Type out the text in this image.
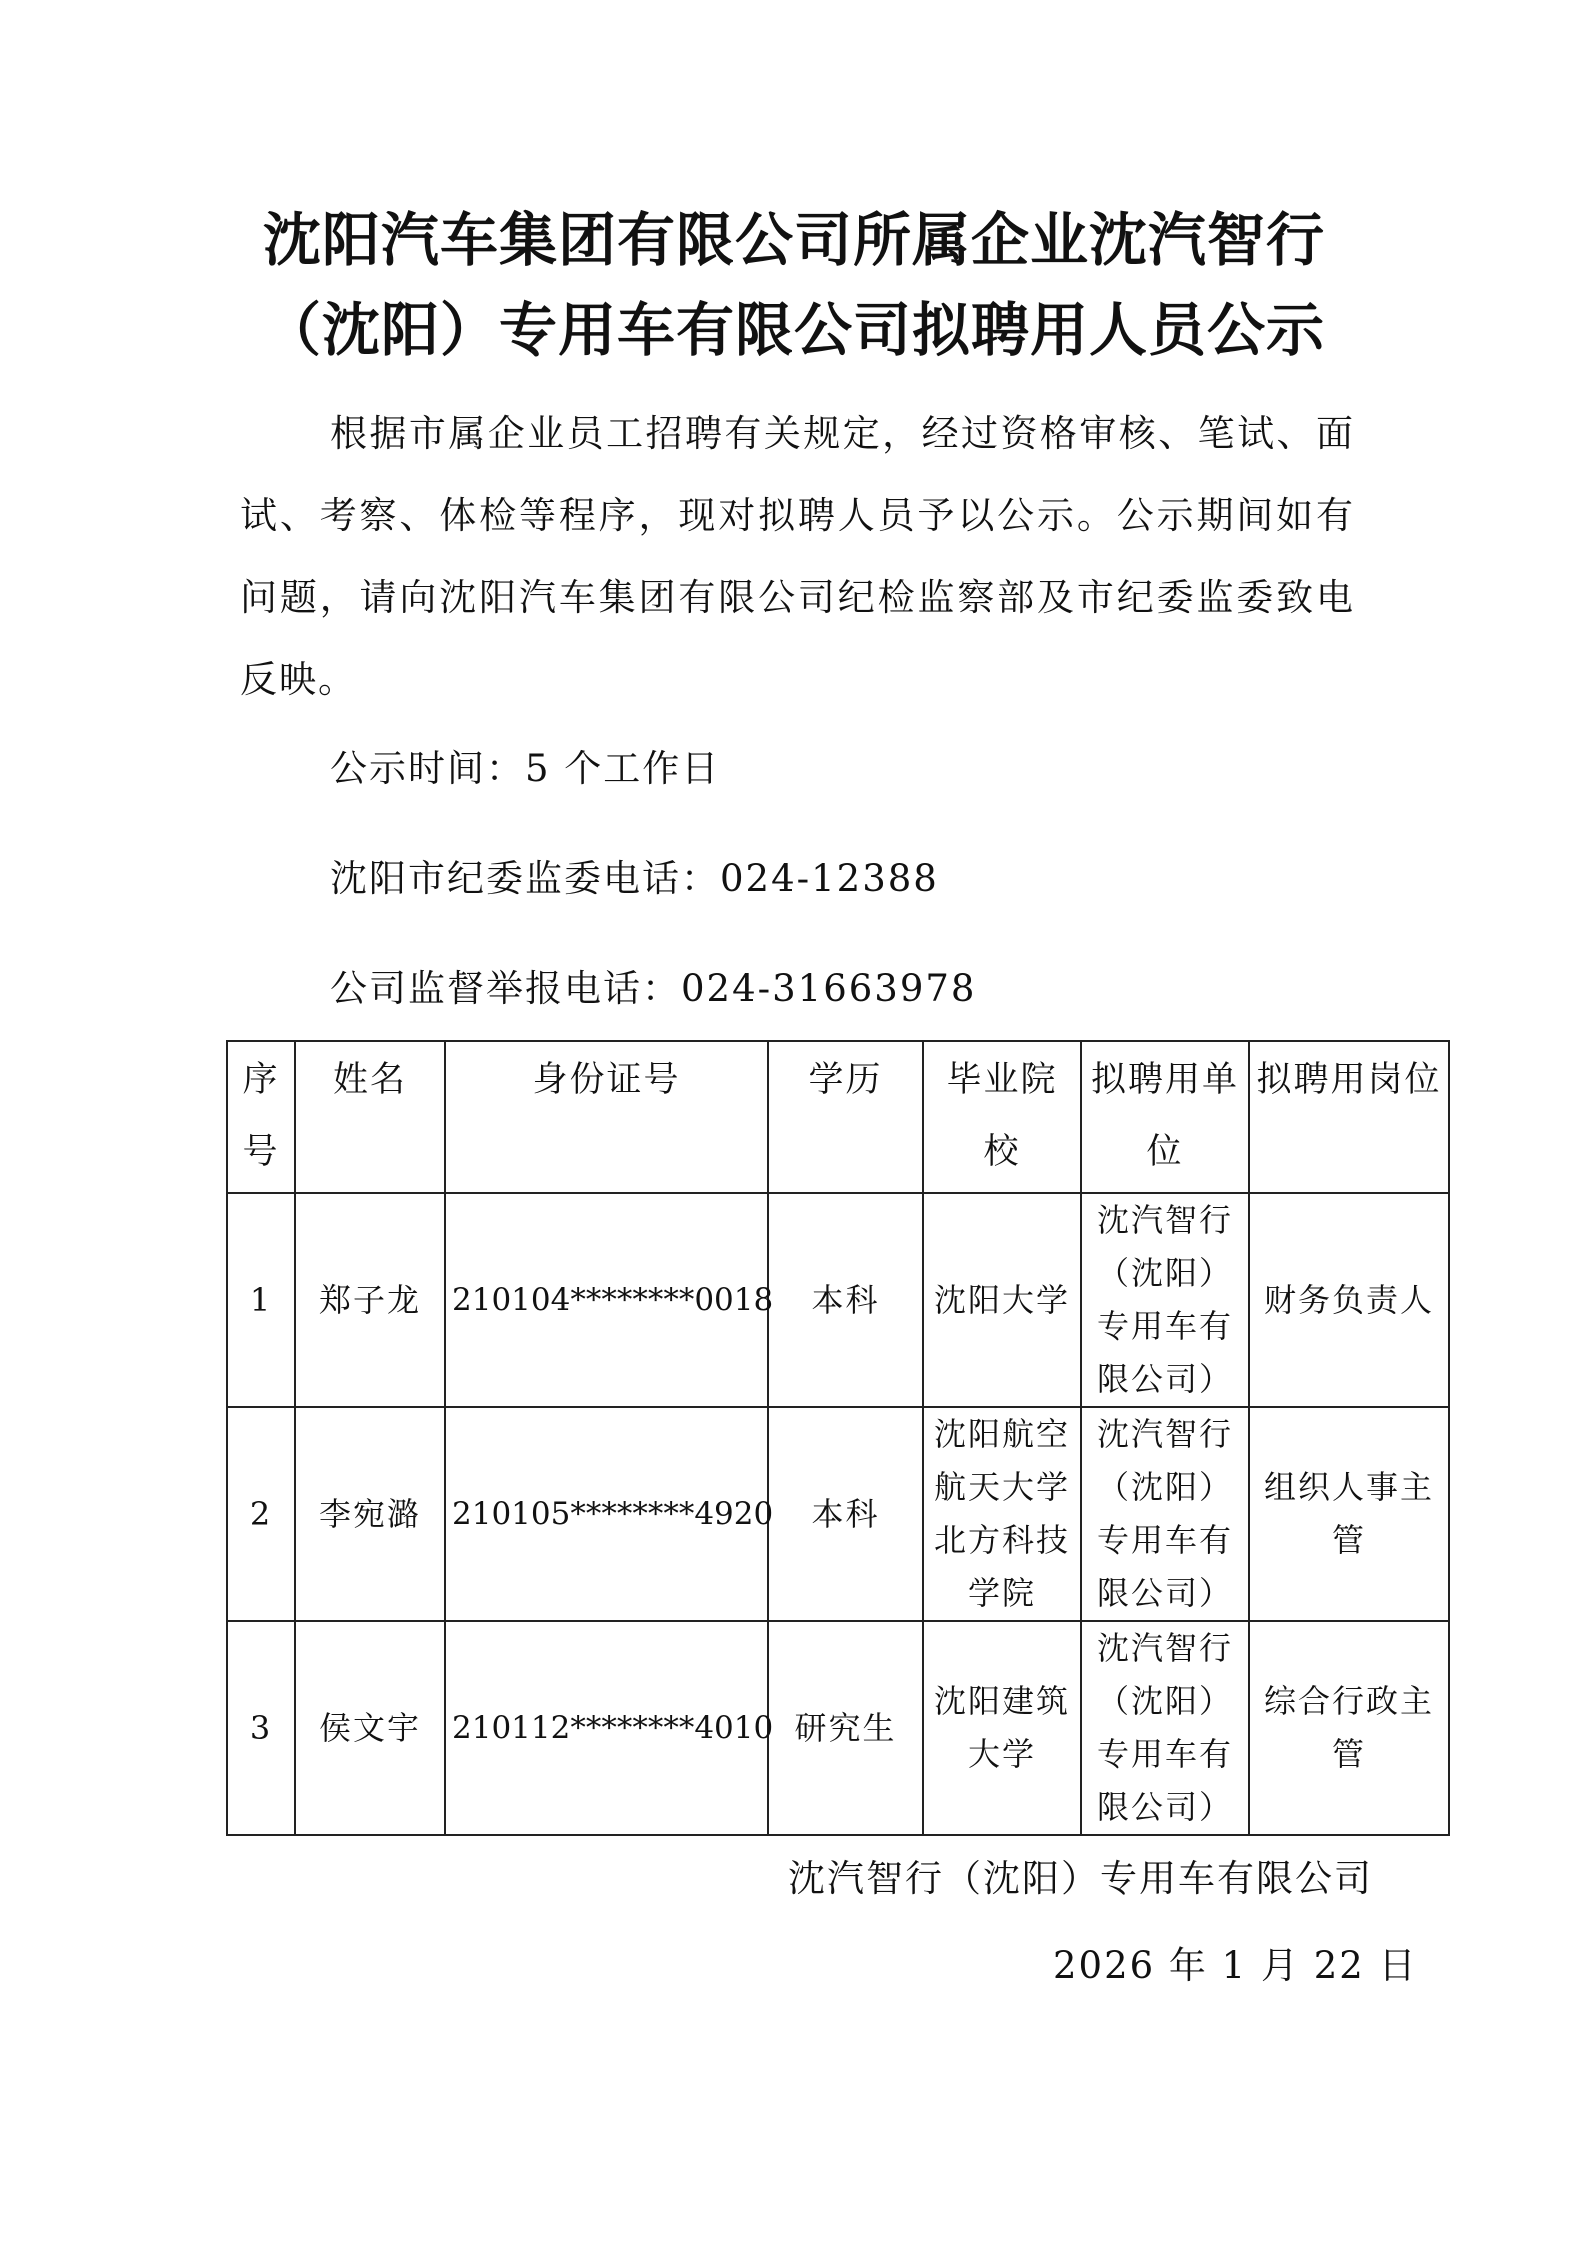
沈阳汽车集团有限公司所属企业沈汽智行
（沈阳）专用车有限公司拟聘用人员公示
根据市属企业员工招聘有关规定，经过资格审核、笔试、面试、考察、体检等程序，现对拟聘人员予以公示。公示期间如有问题，请向沈阳汽车集团有限公司纪检监察部及市纪委监委致电反映。
公示时间：5 个工作日
沈阳市纪委监委电话：024-12388
公司监督举报电话：024-31663978
序号	姓名	身份证号	学历	毕业院校	拟聘用单位	拟聘用岗位
1	郑子龙	210104********0018	本科	沈阳大学	沈汽智行（沈阳）专用车有限公司）	财务负责人
2	李宛潞	210105********4920	本科	沈阳航空航天大学北方科技学院	沈汽智行（沈阳）专用车有限公司）	组织人事主管
3	侯文宇	210112********4010	研究生	沈阳建筑大学	沈汽智行（沈阳）专用车有限公司）	综合行政主管
沈汽智行（沈阳）专用车有限公司
2026 年 1 月 22 日
